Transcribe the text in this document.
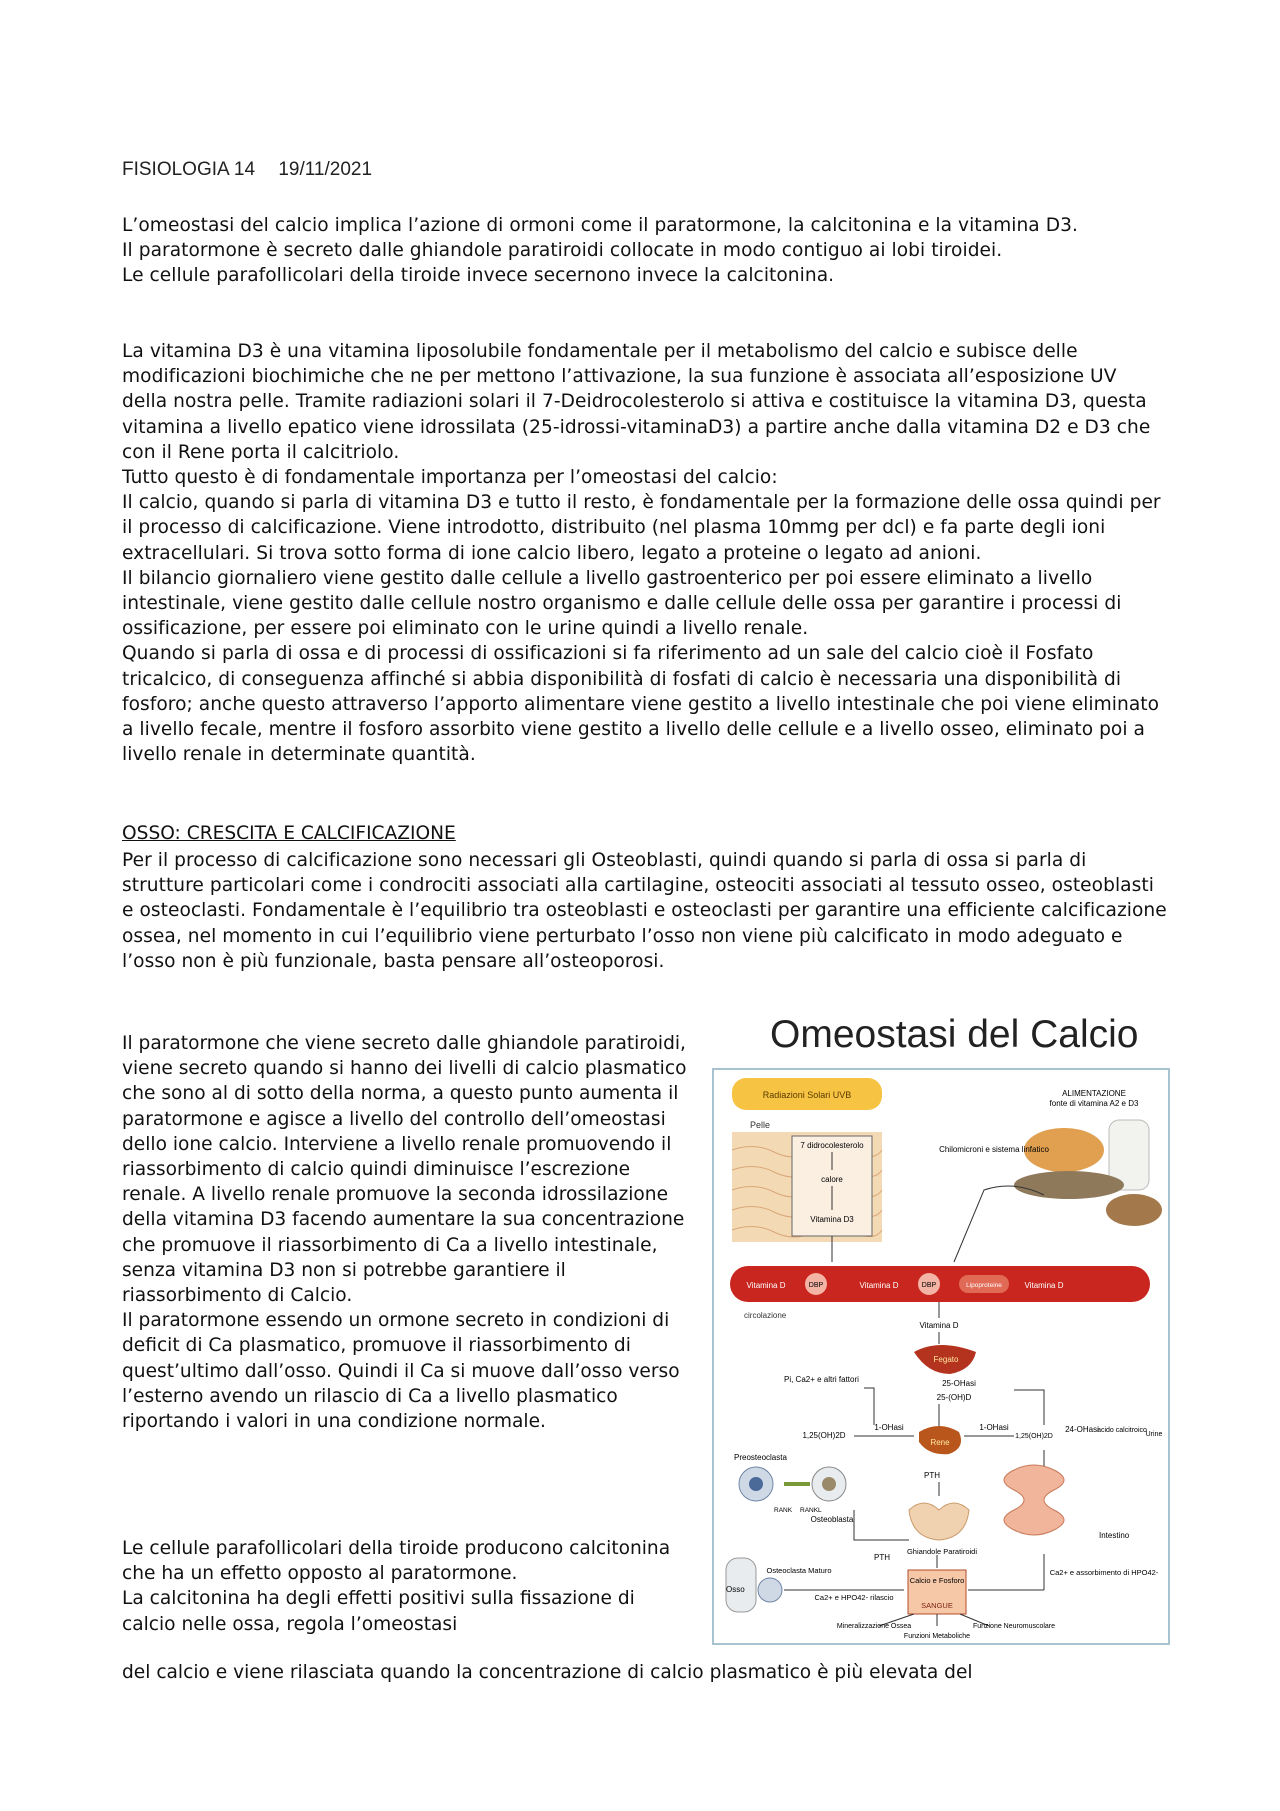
FISIOLOGIA 14 19/11/2021

L’omeostasi del calcio implica l’azione di ormoni come il paratormone, la calcitonina e la vitamina D3.
Il paratormone è secreto dalle ghiandole paratiroidi collocate in modo contiguo ai lobi tiroidei.
Le cellule parafollicolari della tiroide invece secernono invece la calcitonina.

La vitamina D3 è una vitamina liposolubile fondamentale per il metabolismo del calcio e subisce delle modificazioni biochimiche che ne per mettono l’attivazione, la sua funzione è associata all’esposizione UV della nostra pelle. Tramite radiazioni solari il 7-Deidrocolesterolo si attiva e costituisce la vitamina D3, questa vitamina a livello epatico viene idrossilata (25-idrossi-vitaminaD3) a partire anche dalla vitamina D2 e D3 che con il Rene porta il calcitriolo.
Tutto questo è di fondamentale importanza per l’omeostasi del calcio:
Il calcio, quando si parla di vitamina D3 e tutto il resto, è fondamentale per la formazione delle ossa quindi per il processo di calcificazione. Viene introdotto, distribuito (nel plasma 10mmg per dcl) e fa parte degli ioni extracellulari. Si trova sotto forma di ione calcio libero, legato a proteine o legato ad anioni.
Il bilancio giornaliero viene gestito dalle cellule a livello gastroenterico per poi essere eliminato a livello intestinale, viene gestito dalle cellule nostro organismo e dalle cellule delle ossa per garantire i processi di ossificazione, per essere poi eliminato con le urine quindi a livello renale.
Quando si parla di ossa e di processi di ossificazioni si fa riferimento ad un sale del calcio cioè il Fosfato tricalcico, di conseguenza affinché si abbia disponibilità di fosfati di calcio è necessaria una disponibilità di fosforo; anche questo attraverso l’apporto alimentare viene gestito a livello intestinale che poi viene eliminato a livello fecale, mentre il fosforo assorbito viene gestito a livello delle cellule e a livello osseo, eliminato poi a livello renale in determinate quantità.

OSSO: CRESCITA E CALCIFICAZIONE

Per il processo di calcificazione sono necessari gli Osteoblasti, quindi quando si parla di ossa si parla di strutture particolari come i condrociti associati alla cartilagine, osteociti associati al tessuto osseo, osteoblasti e osteoclasti. Fondamentale è l’equilibrio tra osteoblasti e osteoclasti per garantire una efficiente calcificazione ossea, nel momento in cui l’equilibrio viene perturbato l’osso non viene più calcificato in modo adeguato e l’osso non è più funzionale, basta pensare all’osteoporosi.

Il paratormone che viene secreto dalle ghiandole paratiroidi, viene secreto quando si hanno dei livelli di calcio plasmatico che sono al di sotto della norma, a questo punto aumenta il paratormone e agisce a livello del controllo dell’omeostasi dello ione calcio. Interviene a livello renale promuovendo il riassorbimento di calcio quindi diminuisce l’escrezione renale. A livello renale promuove la seconda idrossilazione della vitamina D3 facendo aumentare la sua concentrazione che promuove il riassorbimento di Ca a livello intestinale, senza vitamina D3 non si potrebbe garantiere il riassorbimento di Calcio.
Il paratormone essendo un ormone secreto in condizioni di deficit di Ca plasmatico, promuove il riassorbimento di quest’ultimo dall’osso. Quindi il Ca si muove dall’osso verso l’esterno avendo un rilascio di Ca a livello plasmatico riportando i valori in una condizione normale.

Le cellule parafollicolari della tiroide producono calcitonina che ha un effetto opposto al paratormone.
La calcitonina ha degli effetti positivi sulla fissazione di calcio nelle ossa, regola l’omeostasi

del calcio e viene rilasciata quando la concentrazione di calcio plasmatico è più elevata del

Omeostasi del Calcio
Radiazioni Solari UVB
Pelle
7 didrocolesterolo
calore
Vitamina D3
ALIMENTAZIONE
fonte di vitamina A2 e D3
Chilomicroni e sistema linfatico
Vitamina D	DBP	Vitamina D	DBP	Lipoproteine	Vitamina D
circolazione
Vitamina D
Fegato
25-OHasi
25-(OH)D
Pi, Ca2+ e altri fattori
Rene
1-OHasi
1,25(OH)2D
1-OHasi
1,25(OH)2D
24-OHasi
acido calcitroico
Urine
Preosteoclasta
RANK RANKL
Osteoblasta
PTH
Ghiandole Paratiroidi
PTH
Intestino
Osso
Osteoclasta Maturo
Ca2+ e HPO42- rilascio
Calcio e Fosforo
SANGUE
Ca2+ e assorbimento di HPO42-
Mineralizzazione Ossea
Funzioni Metaboliche
Funzione Neuromuscolare
